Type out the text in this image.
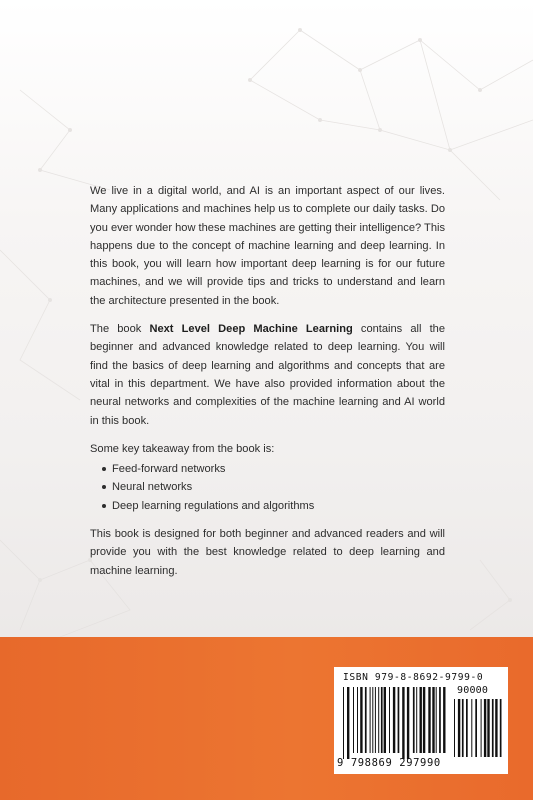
We live in a digital world, and AI is an important aspect of our lives. Many applications and machines help us to complete our daily tasks. Do you ever wonder how these machines are getting their intelligence? This happens due to the concept of machine learning and deep learning. In this book, you will learn how important deep learning is for our future machines, and we will provide tips and tricks to understand and learn the architecture presented in the book.

The book Next Level Deep Machine Learning contains all the beginner and advanced knowledge related to deep learning. You will find the basics of deep learning and algorithms and concepts that are vital in this department. We have also provided information about the neural networks and complexities of the machine learning and AI world in this book.

Some key takeaway from the book is:

Feed-forward networks
Neural networks
Deep learning regulations and algorithms

This book is designed for both beginner and advanced readers and will provide you with the best knowledge related to deep learning and machine learning.

ISBN 979-8-8692-9799-0
90000
9 798869 297990
